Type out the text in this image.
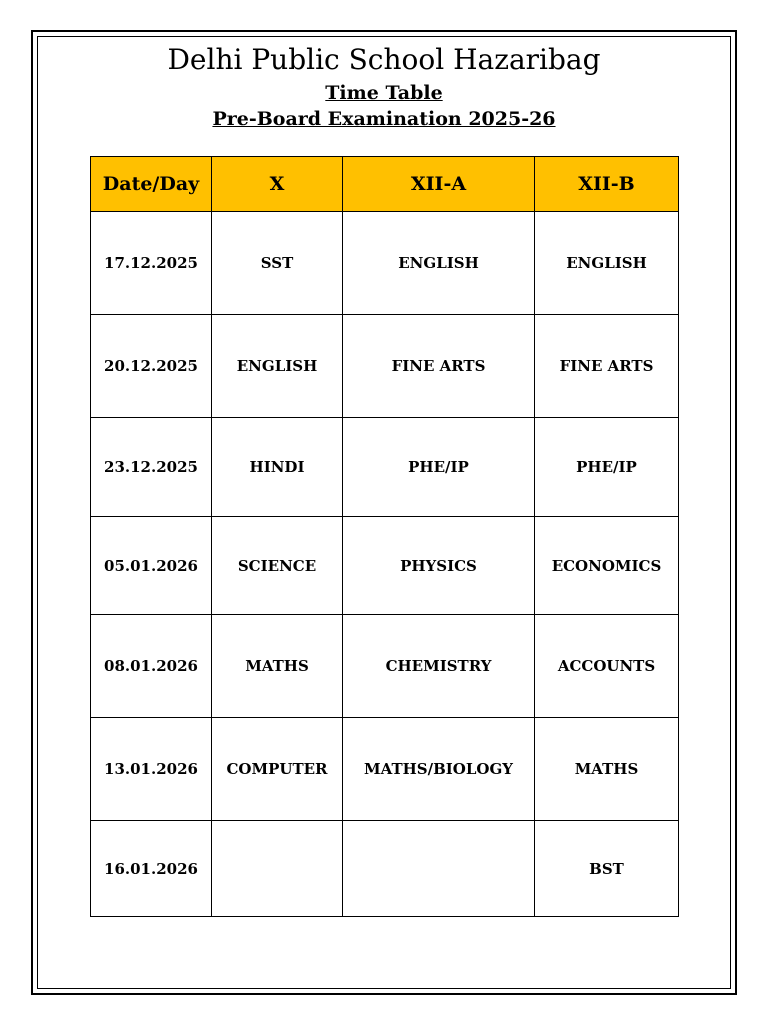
Delhi Public School Hazaribag
Time Table
Pre-Board Examination 2025-26
Date/Day	X	XII-A	XII-B
17.12.2025	SST	ENGLISH	ENGLISH
20.12.2025	ENGLISH	FINE ARTS	FINE ARTS
23.12.2025	HINDI	PHE/IP	PHE/IP
05.01.2026	SCIENCE	PHYSICS	ECONOMICS
08.01.2026	MATHS	CHEMISTRY	ACCOUNTS
13.01.2026	COMPUTER	MATHS/BIOLOGY	MATHS
16.01.2026			BST
